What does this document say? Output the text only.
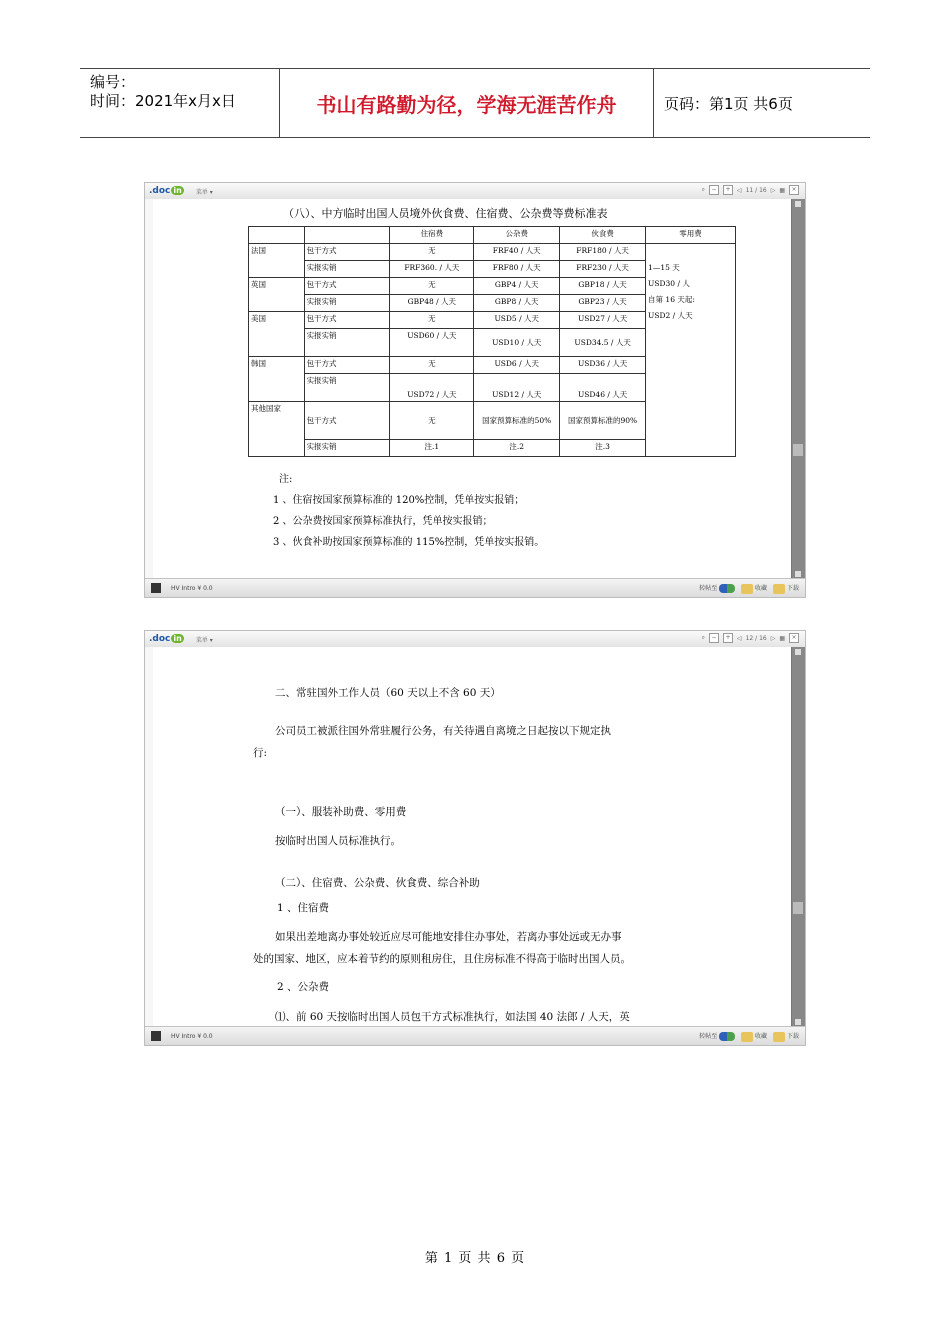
编号：
时间：2021年x月x日	书山有路勤为径，学海无涯苦作舟	页码：第1页 共6页
.doc in	菜单 ▾	⌕	−	+	◁ 11 / 16 ▷ ▦	×
（八）、中方临时出国人员境外伙食费、住宿费、公杂费等费标准表
		住宿费	公杂费	伙食费	零用费
法国	包干方式	无	FRF40 / 人天	FRF180 / 人天	1—15 天
USD30 / 人
自第 16 天起:
USD2 / 人天

	实报实销	FRF360. / 人天	FRF80 / 人天	FRF230 / 人天	
英国	包干方式	无	GBP4 / 人天	GBP18 / 人天	
	实报实销	GBP48 / 人天	GBP8 / 人天	GBP23 / 人天	
美国	包干方式	无	USD5 / 人天	USD27 / 人天	
	实报实销	USD60 / 人天	USD10 / 人天	USD34.5 / 人天	
韩国	包干方式	无	USD6 / 人天	USD36 / 人天	
	实报实销	USD72 / 人天	USD12 / 人天	USD46 / 人天	
其他国家	包干方式	无	国家预算标准的50%	国家预算标准的90%	
	实报实销	注.1	注.2	注.3	
注:
1 、住宿按国家预算标准的 120%控制，凭单按实报销；
2 、公杂费按国家预算标准执行，凭单按实报销；
3 、伙食补助按国家预算标准的 115%控制，凭单按实报销。
HV Intro ¥ 0.0	转帖至	收藏	下载
.doc in	菜单 ▾	⌕	−	+	◁ 12 / 16 ▷ ▦	×
二、常驻国外工作人员（60 天以上不含 60 天）
公司员工被派往国外常驻履行公务，有关待遇自离境之日起按以下规定执
行:
（一）、服装补助费、零用费
按临时出国人员标准执行。
（二）、住宿费、公杂费、伙食费、综合补助
1 、住宿费
如果出差地离办事处较近应尽可能地安排住办事处，若离办事处远或无办事
处的国家、地区，应本着节约的原则租房住，且住房标准不得高于临时出国人员。
2 、公杂费
⑴、前 60 天按临时出国人员包干方式标准执行，如法国 40 法郎 / 人天，英
HV Intro ¥ 0.0	转帖至	收藏	下载
第 1 页 共 6 页
